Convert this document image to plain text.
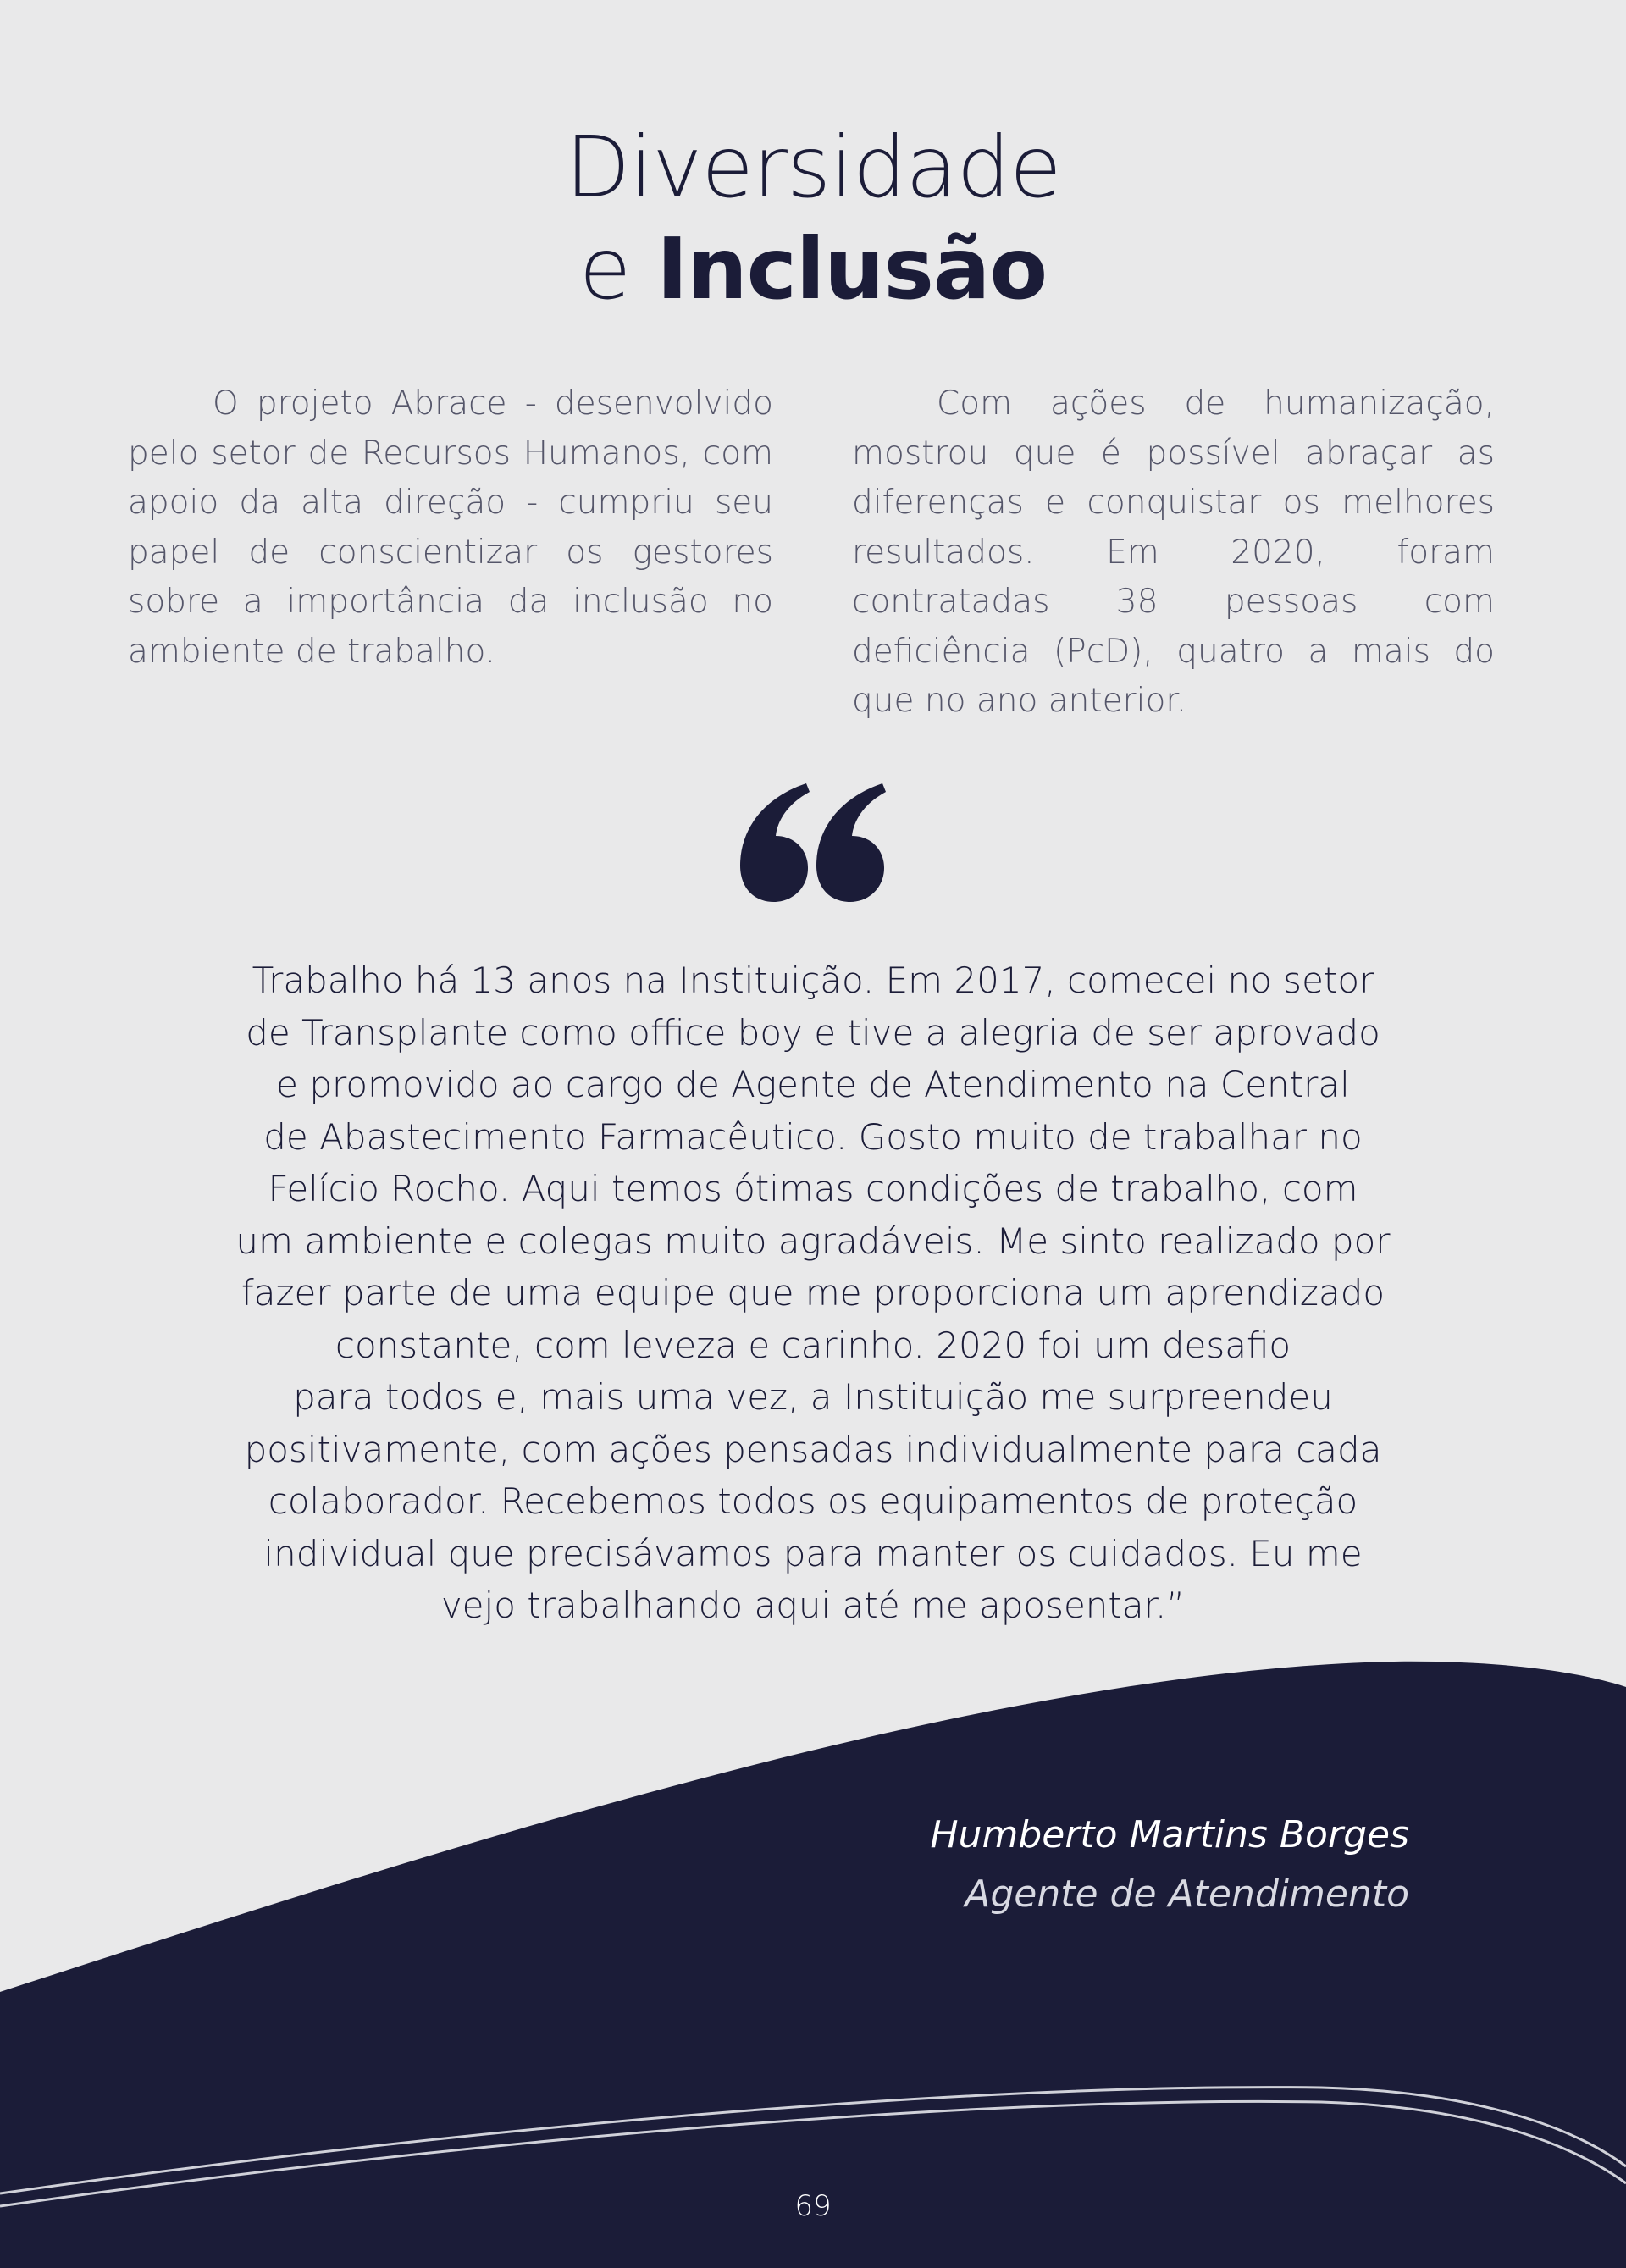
Diversidade
e Inclusão

O projeto Abrace - desenvolvido pelo setor de Recursos Humanos, com apoio da alta direção - cumpriu seu papel de conscientizar os gestores sobre a importância da inclusão no ambiente de trabalho.

Com ações de humanização, mostrou que é possível abraçar as diferenças e conquistar os melhores resultados. Em 2020, foram contratadas 38 pessoas com deficiência (PcD), quatro a mais do que no ano anterior.

Trabalho há 13 anos na Instituição. Em 2017, comecei no setor
de Transplante como office boy e tive a alegria de ser aprovado
e promovido ao cargo de Agente de Atendimento na Central
de Abastecimento Farmacêutico. Gosto muito de trabalhar no
Felício Rocho. Aqui temos ótimas condições de trabalho, com
um ambiente e colegas muito agradáveis. Me sinto realizado por
fazer parte de uma equipe que me proporciona um aprendizado
constante, com leveza e carinho. 2020 foi um desafio
para todos e, mais uma vez, a Instituição me surpreendeu
positivamente, com ações pensadas individualmente para cada
colaborador. Recebemos todos os equipamentos de proteção
individual que precisávamos para manter os cuidados. Eu me
vejo trabalhando aqui até me aposentar.”
Humberto Martins Borges
Agente de Atendimento
69
